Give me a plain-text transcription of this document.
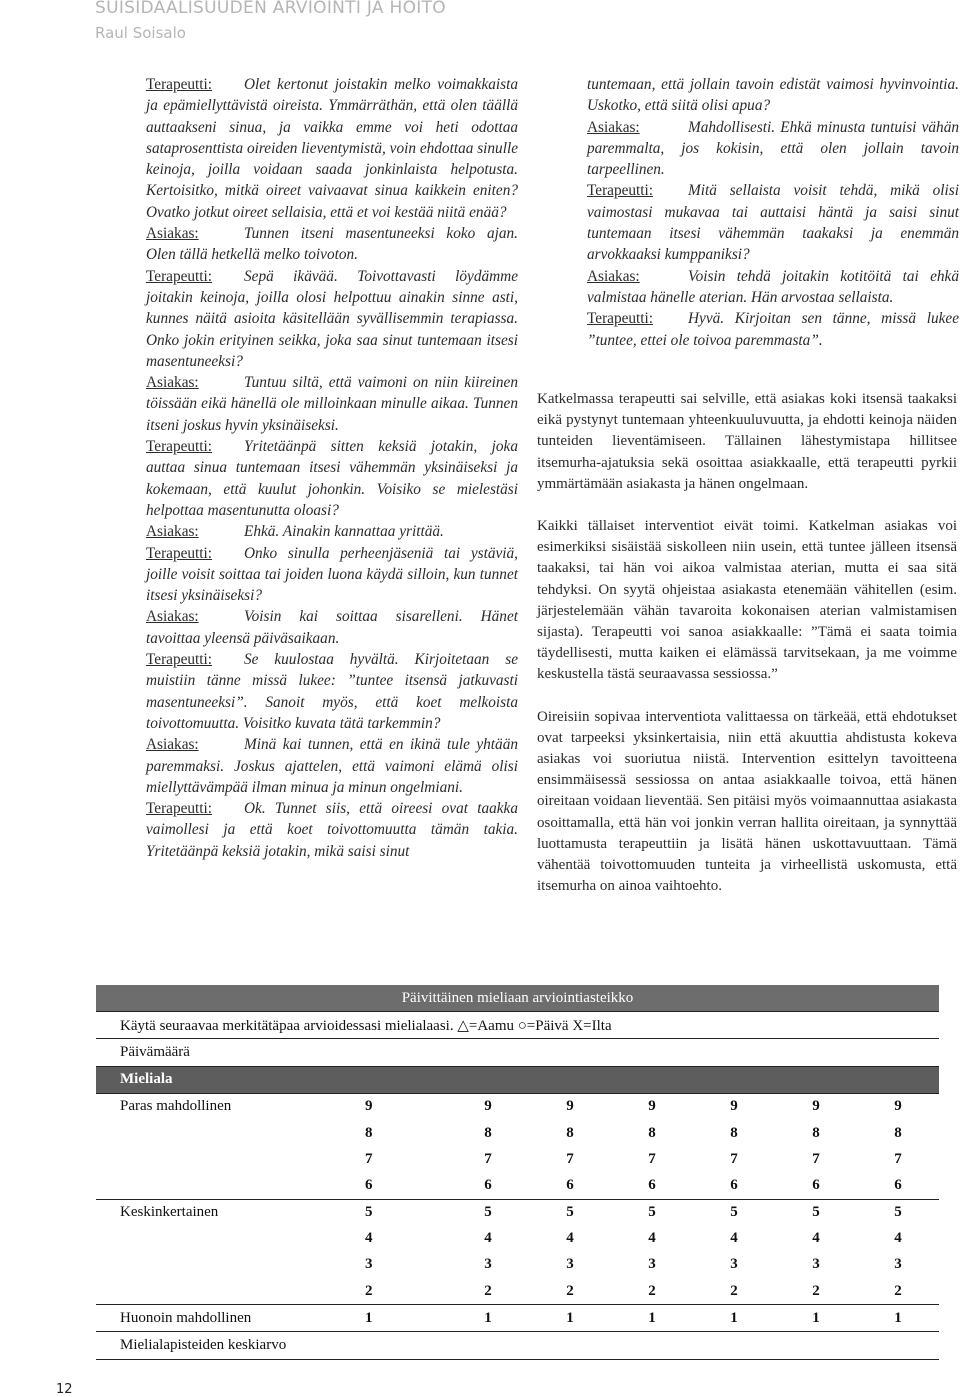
SUISIDAALISUUDEN ARVIOINTI JA HOITO
Raul Soisalo

Terapeutti: Olet kertonut joistakin melko voimakkaista ja epämiellyttävistä oireista. Ymmärräthän, että olen täällä auttaakseni sinua, ja vaikka emme voi heti odottaa sataprosenttista oireiden lieventymistä, voin ehdottaa sinulle keinoja, joilla voidaan saada jonkinlaista helpotusta. Kertoisitko, mitkä oireet vaivaavat sinua kaikkein eniten? Ovatko jotkut oireet sellaisia, että et voi kestää niitä enää?

Asiakas:	Tunnen itseni masentuneeksi koko ajan. Olen tällä hetkellä melko toivoton.

Terapeutti: Sepä ikävää. Toivottavasti löydämme joitakin keinoja, joilla olosi helpottuu ainakin sinne asti, kunnes näitä asioita käsitellään syvällisemmin terapiassa. Onko jokin erityinen seikka, joka saa sinut tuntemaan itsesi masentuneeksi?

Asiakas:	Tuntuu siltä, että vaimoni on niin kiireinen töissään eikä hänellä ole milloinkaan minulle aikaa. Tunnen itseni joskus hyvin yksinäiseksi.

Terapeutti: Yritetäänpä sitten keksiä jotakin, joka auttaa sinua tuntemaan itsesi vähemmän yksinäiseksi ja kokemaan, että kuulut johonkin. Voisiko se mielestäsi helpottaa masentunutta oloasi?

Asiakas:	Ehkä. Ainakin kannattaa yrittää.

Terapeutti: Onko sinulla perheenjäseniä tai ystäviä, joille voisit soittaa tai joiden luona käydä silloin, kun tunnet itsesi yksinäiseksi?

Asiakas:	Voisin kai soittaa sisarelleni. Hänet tavoittaa yleensä päiväsaikaan.

Terapeutti: Se kuulostaa hyvältä. Kirjoitetaan se muistiin tänne missä lukee: ”tuntee itsensä jatkuvasti masentuneeksi”. Sanoit myös, että koet melkoista toivottomuutta. Voisitko kuvata tätä tarkemmin?

Asiakas:	Minä kai tunnen, että en ikinä tule yhtään paremmaksi. Joskus ajattelen, että vaimoni elämä olisi miellyttävämpää ilman minua ja minun ongelmiani.

Terapeutti: Ok. Tunnet siis, että oireesi ovat taakka vaimollesi ja että koet toivottomuutta tämän takia. Yritetäänpä keksiä jotakin, mikä saisi sinut

tuntemaan, että jollain tavoin edistät vaimosi hyvinvointia. Uskotko, että siitä olisi apua?

Asiakas:	Mahdollisesti. Ehkä minusta tuntuisi vähän paremmalta, jos kokisin, että olen jollain tavoin tarpeellinen.

Terapeutti: Mitä sellaista voisit tehdä, mikä olisi vaimostasi mukavaa tai auttaisi häntä ja saisi sinut tuntemaan itsesi vähemmän taakaksi ja enemmän arvokkaaksi kumppaniksi?

Asiakas:	Voisin tehdä joitakin kotitöitä tai ehkä valmistaa hänelle aterian. Hän arvostaa sellaista.

Terapeutti: Hyvä. Kirjoitan sen tänne, missä lukee ”tuntee, ettei ole toivoa paremmasta”.

Katkelmassa terapeutti sai selville, että asiakas koki itsensä taakaksi eikä pystynyt tuntemaan yhteenkuuluvuutta, ja ehdotti keinoja näiden tunteiden lieventämiseen. Tällainen lähestymistapa hillitsee itsemurha-ajatuksia sekä osoittaa asiakkaalle, että terapeutti pyrkii ymmärtämään asiakasta ja hänen ongelmaan.

Kaikki tällaiset interventiot eivät toimi. Katkelman asiakas voi esimerkiksi sisäistää siskolleen niin usein, että tuntee jälleen itsensä taakaksi, tai hän voi aikoa valmistaa aterian, mutta ei saa sitä tehdyksi. On syytä ohjeistaa asiakasta etenemään vähitellen (esim. järjestelemään vähän tavaroita kokonaisen aterian valmistamisen sijasta). Terapeutti voi sanoa asiakkaalle: ”Tämä ei saata toimia täydellisesti, mutta kaiken ei elämässä tarvitsekaan, ja me voimme keskustella tästä seuraavassa sessiossa.”

Oireisiin sopivaa interventiota valittaessa on tärkeää, että ehdotukset ovat tarpeeksi yksinkertaisia, niin että akuuttia ahdistusta kokeva asiakas voi suoriutua niistä. Intervention esittelyn tavoitteena ensimmäisessä sessiossa on antaa asiakkaalle toivoa, että hänen oireitaan voidaan lieventää. Sen pitäisi myös voimaannuttaa asiakasta osoittamalla, että hän voi jonkin verran hallita oireitaan, ja synnyttää luottamusta terapeuttiin ja lisätä hänen uskottavuuttaan. Tämä vähentää toivottomuuden tunteita ja virheellistä uskomusta, että itsemurha on ainoa vaihtoehto.

Päivittäinen mieliaan arviointiasteikko							
Käytä seuraavaa merkitätäpaa arvioidessasi mielialaasi. △=Aamu ○=Päivä X=Ilta							
Päivämäärä							
Mieliala							
Paras mahdollinen	9	9	9	9	9	9	9
	8	8	8	8	8	8	8
	7	7	7	7	7	7	7
	6	6	6	6	6	6	6
Keskinkertainen	5	5	5	5	5	5	5
	4	4	4	4	4	4	4
	3	3	3	3	3	3	3
	2	2	2	2	2	2	2
Huonoin mahdollinen	1	1	1	1	1	1	1
Mielialapisteiden keskiarvo							
12
